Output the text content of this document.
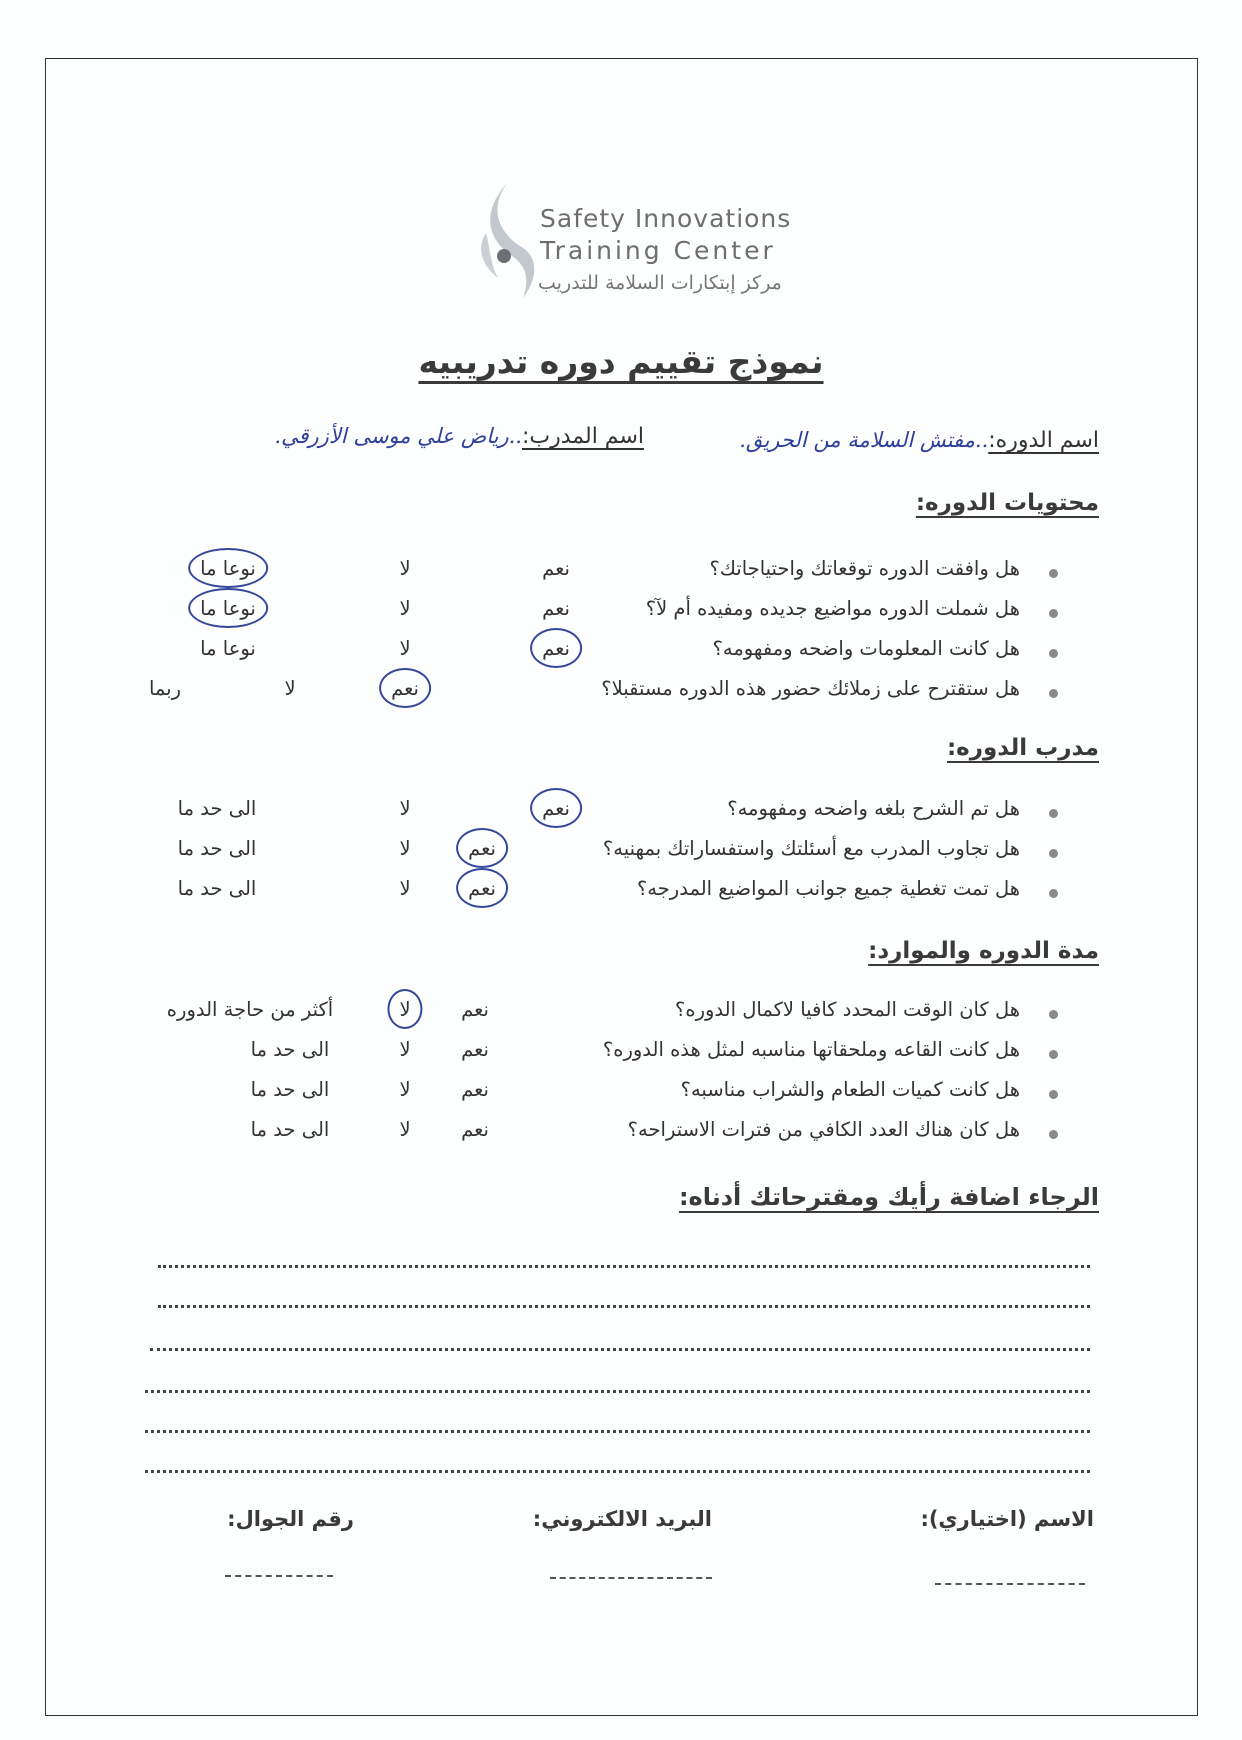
Safety Innovations
Training Center
مركز إبتكارات السلامة للتدريب
نموذج تقييم دوره تدريبيه
اسم الدوره:..مفتش السلامة من الحريق.
اسم المدرب:..رياض علي موسى الأزرقي.
محتويات الدوره:
هل وافقت الدوره توقعاتك واحتياجاتك؟
نعم
لا
نوعا ما
هل شملت الدوره مواضيع جديده ومفيده أم لآ؟
نعم
لا
نوعا ما
هل كانت المعلومات واضحه ومفهومه؟
نعم
لا
نوعا ما
هل ستقترح على زملائك حضور هذه الدوره مستقبلا؟
نعم
لا
ربما
مدرب الدوره:
هل تم الشرح بلغه واضحه ومفهومه؟
نعم
لا
الى حد ما
هل تجاوب المدرب مع أسئلتك واستفساراتك بمهنيه؟
نعم
لا
الى حد ما
هل تمت تغطية جميع جوانب المواضيع المدرجه؟
نعم
لا
الى حد ما
مدة الدوره والموارد:
هل كان الوقت المحدد كافيا لاكمال الدوره؟
نعم
لا
أكثر من حاجة الدوره
هل كانت القاعه وملحقاتها مناسبه لمثل هذه الدوره؟
نعم
لا
الى حد ما
هل كانت كميات الطعام والشراب مناسبه؟
نعم
لا
الى حد ما
هل كان هناك العدد الكافي من فترات الاستراحه؟
نعم
لا
الى حد ما
الرجاء اضافة رأيك ومقترحاتك أدناه:
الاسم (اختياري):
البريد الالكتروني:
رقم الجوال:
